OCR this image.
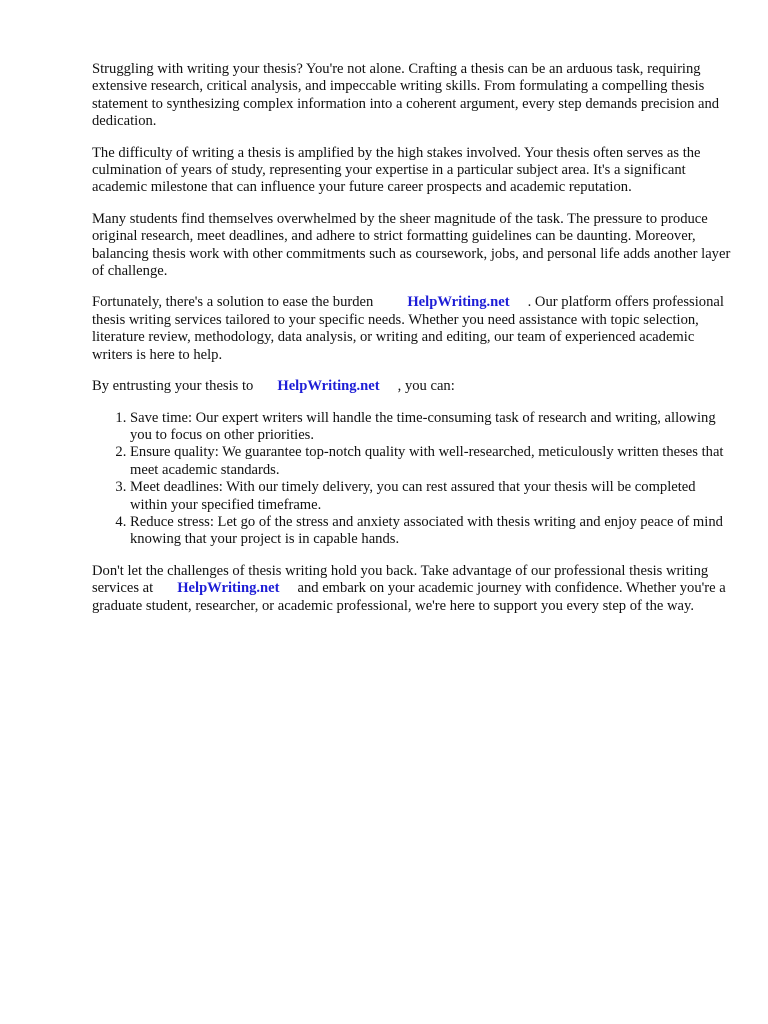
Struggling with writing your thesis? You're not alone. Crafting a thesis can be an arduous task, requiring extensive research, critical analysis, and impeccable writing skills. From formulating a compelling thesis statement to synthesizing complex information into a coherent argument, every step demands precision and dedication.

The difficulty of writing a thesis is amplified by the high stakes involved. Your thesis often serves as the culmination of years of study, representing your expertise in a particular subject area. It's a significant academic milestone that can influence your future career prospects and academic reputation.

Many students find themselves overwhelmed by the sheer magnitude of the task. The pressure to produce original research, meet deadlines, and adhere to strict formatting guidelines can be daunting. Moreover, balancing thesis work with other commitments such as coursework, jobs, and personal life adds another layer of challenge.

Fortunately, there's a solution to ease the burden HelpWriting.net . Our platform offers professional thesis writing services tailored to your specific needs. Whether you need assistance with topic selection, literature review, methodology, data analysis, or writing and editing, our team of experienced academic writers is here to help.

By entrusting your thesis to HelpWriting.net , you can:

1. Save time: Our expert writers will handle the time-consuming task of research and writing, allowing you to focus on other priorities.
2. Ensure quality: We guarantee top-notch quality with well-researched, meticulously written theses that meet academic standards.
3. Meet deadlines: With our timely delivery, you can rest assured that your thesis will be completed within your specified timeframe.
4. Reduce stress: Let go of the stress and anxiety associated with thesis writing and enjoy peace of mind knowing that your project is in capable hands.

Don't let the challenges of thesis writing hold you back. Take advantage of our professional thesis writing services at HelpWriting.net and embark on your academic journey with confidence. Whether you're a graduate student, researcher, or academic professional, we're here to support you every step of the way.
